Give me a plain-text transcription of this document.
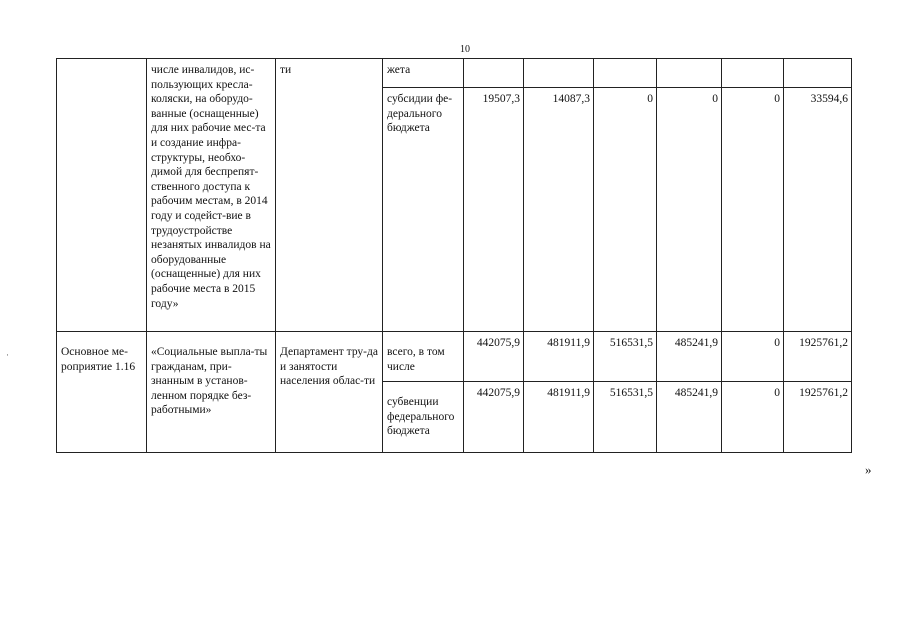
10
·
	числе инвалидов, ис-пользующих кресла-коляски, на оборудо-ванные (оснащенные) для них рабочие мес-та и создание инфра-структуры, необхо-димой для беспрепят-ственного доступа к рабочим местам, в 2014 году и содейст-вие в трудоустройстве незанятых инвалидов на оборудованные (оснащенные) для них рабочие места в 2015 году»	ти	жета						
			субсидии фе-дерального бюджета	19507,3	14087,3	0	0	0	33594,6
Основное ме-роприятие 1.16	«Социальные выпла-ты гражданам, при-знанным в установ-ленном порядке без-работными»	Департамент тру-да и занятости населения облас-ти	всего, в том числе	442075,9	481911,9	516531,5	485241,9	0	1925761,2
			субвенции федерального бюджета	442075,9	481911,9	516531,5	485241,9	0	1925761,2
»
